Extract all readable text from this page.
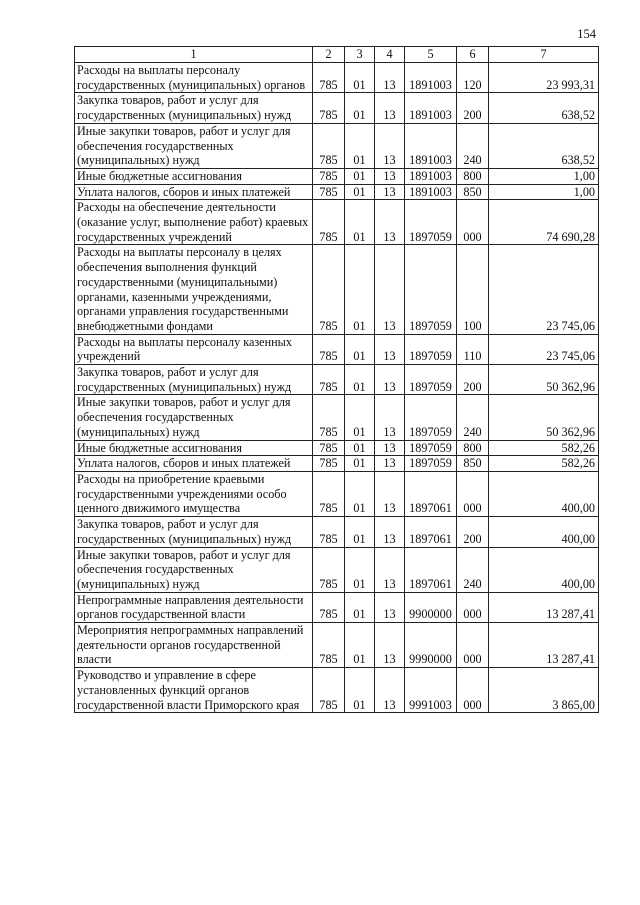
154
1	2	3	4	5	6	7
Расходы на выплаты персоналу государственных (муниципальных) органов	785	01	13	1891003	120	23 993,31
Закупка товаров, работ и услуг для государственных (муниципальных) нужд	785	01	13	1891003	200	638,52
Иные закупки товаров, работ и услуг для обеспечения государственных (муниципальных) нужд	785	01	13	1891003	240	638,52
Иные бюджетные ассигнования	785	01	13	1891003	800	1,00
Уплата налогов, сборов и иных платежей	785	01	13	1891003	850	1,00
Расходы на обеспечение деятельности (оказание услуг, выполнение работ) краевых государственных учреждений	785	01	13	1897059	000	74 690,28
Расходы на выплаты персоналу в целях обеспечения выполнения функций государственными (муниципальными) органами, казенными учреждениями, органами управления государственными внебюджетными фондами	785	01	13	1897059	100	23 745,06
Расходы на выплаты персоналу казенных учреждений	785	01	13	1897059	110	23 745,06
Закупка товаров, работ и услуг для государственных (муниципальных) нужд	785	01	13	1897059	200	50 362,96
Иные закупки товаров, работ и услуг для обеспечения государственных (муниципальных) нужд	785	01	13	1897059	240	50 362,96
Иные бюджетные ассигнования	785	01	13	1897059	800	582,26
Уплата налогов, сборов и иных платежей	785	01	13	1897059	850	582,26
Расходы на приобретение краевыми государственными учреждениями особо ценного движимого имущества	785	01	13	1897061	000	400,00
Закупка товаров, работ и услуг для государственных (муниципальных) нужд	785	01	13	1897061	200	400,00
Иные закупки товаров, работ и услуг для обеспечения государственных (муниципальных) нужд	785	01	13	1897061	240	400,00
Непрограммные направления деятельности органов государственной власти	785	01	13	9900000	000	13 287,41
Мероприятия непрограммных направлений деятельности органов государственной власти	785	01	13	9990000	000	13 287,41
Руководство и управление в сфере установленных функций органов государственной власти Приморского края	785	01	13	9991003	000	3 865,00
